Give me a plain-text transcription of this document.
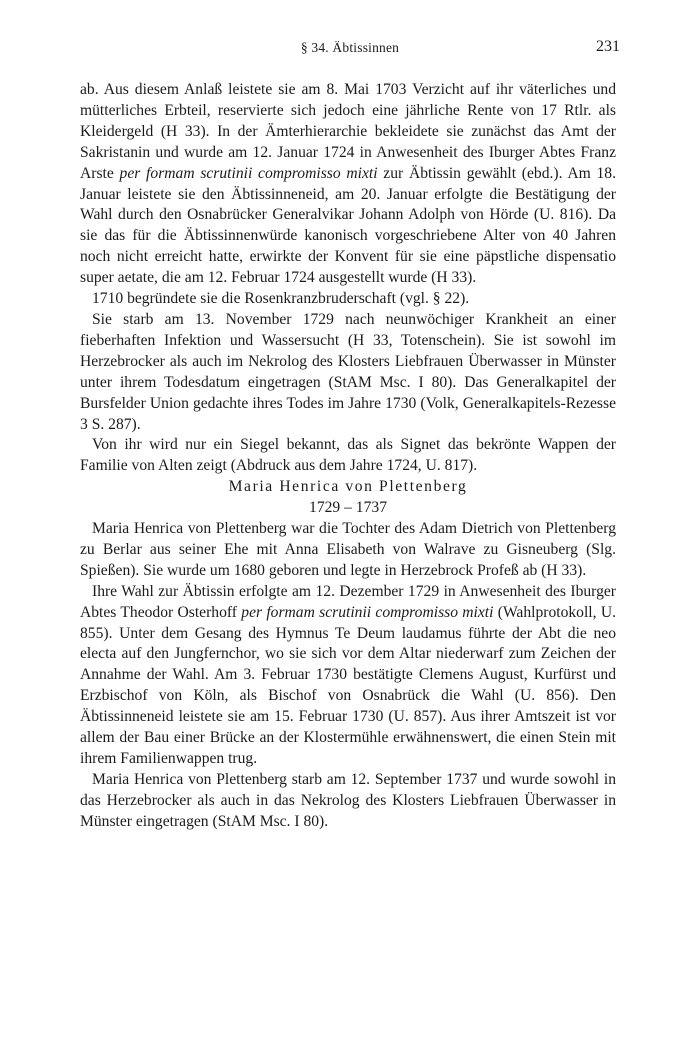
§ 34. Äbtissinnen	231

ab. Aus diesem Anlaß leistete sie am 8. Mai 1703 Verzicht auf ihr väterliches und mütterliches Erbteil, reservierte sich jedoch eine jährliche Rente von 17 Rtlr. als Kleidergeld (H 33). In der Ämterhierarchie bekleidete sie zunächst das Amt der Sakristanin und wurde am 12. Januar 1724 in Anwesenheit des Iburger Abtes Franz Arste per formam scrutinii compromisso mixti zur Äbtissin gewählt (ebd.). Am 18. Januar leistete sie den Äbtissinneneid, am 20. Januar erfolgte die Bestätigung der Wahl durch den Osnabrücker Generalvikar Johann Adolph von Hörde (U. 816). Da sie das für die Äbtissinnenwürde kanonisch vorgeschriebene Alter von 40 Jahren noch nicht erreicht hatte, erwirkte der Konvent für sie eine päpstliche dispensatio super aetate, die am 12. Februar 1724 ausgestellt wurde (H 33).

1710 begründete sie die Rosenkranzbruderschaft (vgl. § 22).

Sie starb am 13. November 1729 nach neunwöchiger Krankheit an einer fieberhaften Infektion und Wassersucht (H 33, Totenschein). Sie ist sowohl im Herzebrocker als auch im Nekrolog des Klosters Liebfrauen Überwasser in Münster unter ihrem Todesdatum eingetragen (StAM Msc. I 80). Das Generalkapitel der Bursfelder Union gedachte ihres Todes im Jahre 1730 (Volk, Generalkapitels-Rezesse 3 S. 287).

Von ihr wird nur ein Siegel bekannt, das als Signet das bekrönte Wappen der Familie von Alten zeigt (Abdruck aus dem Jahre 1724, U. 817).

Maria Henrica von Plettenberg

1729 – 1737

Maria Henrica von Plettenberg war die Tochter des Adam Dietrich von Plettenberg zu Berlar aus seiner Ehe mit Anna Elisabeth von Walrave zu Gisneuberg (Slg. Spießen). Sie wurde um 1680 geboren und legte in Herzebrock Profeß ab (H 33).

Ihre Wahl zur Äbtissin erfolgte am 12. Dezember 1729 in Anwesenheit des Iburger Abtes Theodor Osterhoff per formam scrutinii compromisso mixti (Wahlprotokoll, U. 855). Unter dem Gesang des Hymnus Te Deum laudamus führte der Abt die neo electa auf den Jungfernchor, wo sie sich vor dem Altar niederwarf zum Zeichen der Annahme der Wahl. Am 3. Februar 1730 bestätigte Clemens August, Kurfürst und Erzbischof von Köln, als Bischof von Osnabrück die Wahl (U. 856). Den Äbtissinneneid leistete sie am 15. Februar 1730 (U. 857). Aus ihrer Amtszeit ist vor allem der Bau einer Brücke an der Klostermühle erwähnenswert, die einen Stein mit ihrem Familienwappen trug.

Maria Henrica von Plettenberg starb am 12. September 1737 und wurde sowohl in das Herzebrocker als auch in das Nekrolog des Klosters Liebfrauen Überwasser in Münster eingetragen (StAM Msc. I 80).
